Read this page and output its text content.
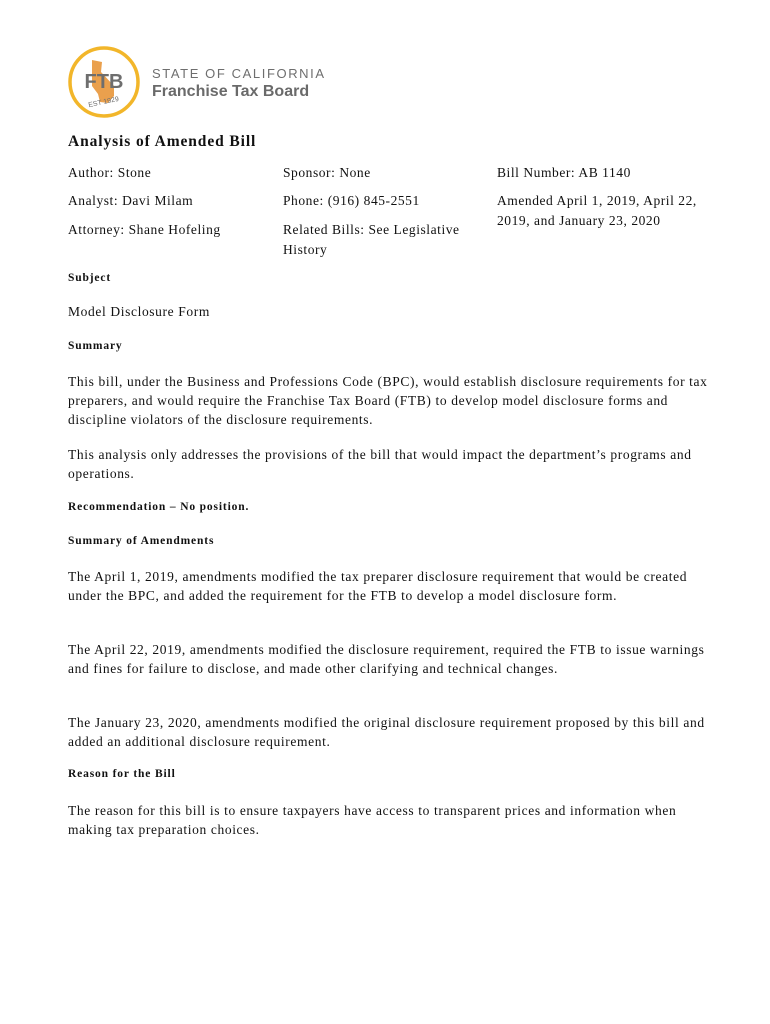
FTB
EST 1929
STATE OF CALIFORNIA
Franchise Tax Board
Analysis of Amended Bill
Author: Stone
Analyst: Davi Milam
Attorney: Shane Hofeling
Sponsor: None
Phone: (916) 845-2551
Related Bills: See Legislative History
Bill Number: AB 1140
Amended April 1, 2019, April 22, 2019, and January 23, 2020
Subject
Model Disclosure Form
Summary
This bill, under the Business and Professions Code (BPC), would establish disclosure requirements for tax preparers, and would require the Franchise Tax Board (FTB) to develop model disclosure forms and discipline violators of the disclosure requirements.
This analysis only addresses the provisions of the bill that would impact the department’s programs and operations.
Recommendation – No position.
Summary of Amendments
The April 1, 2019, amendments modified the tax preparer disclosure requirement that would be created under the BPC, and added the requirement for the FTB to develop a model disclosure form.
The April 22, 2019, amendments modified the disclosure requirement, required the FTB to issue warnings and fines for failure to disclose, and made other clarifying and technical changes.
The January 23, 2020, amendments modified the original disclosure requirement proposed by this bill and added an additional disclosure requirement.
Reason for the Bill
The reason for this bill is to ensure taxpayers have access to transparent prices and information when making tax preparation choices.
